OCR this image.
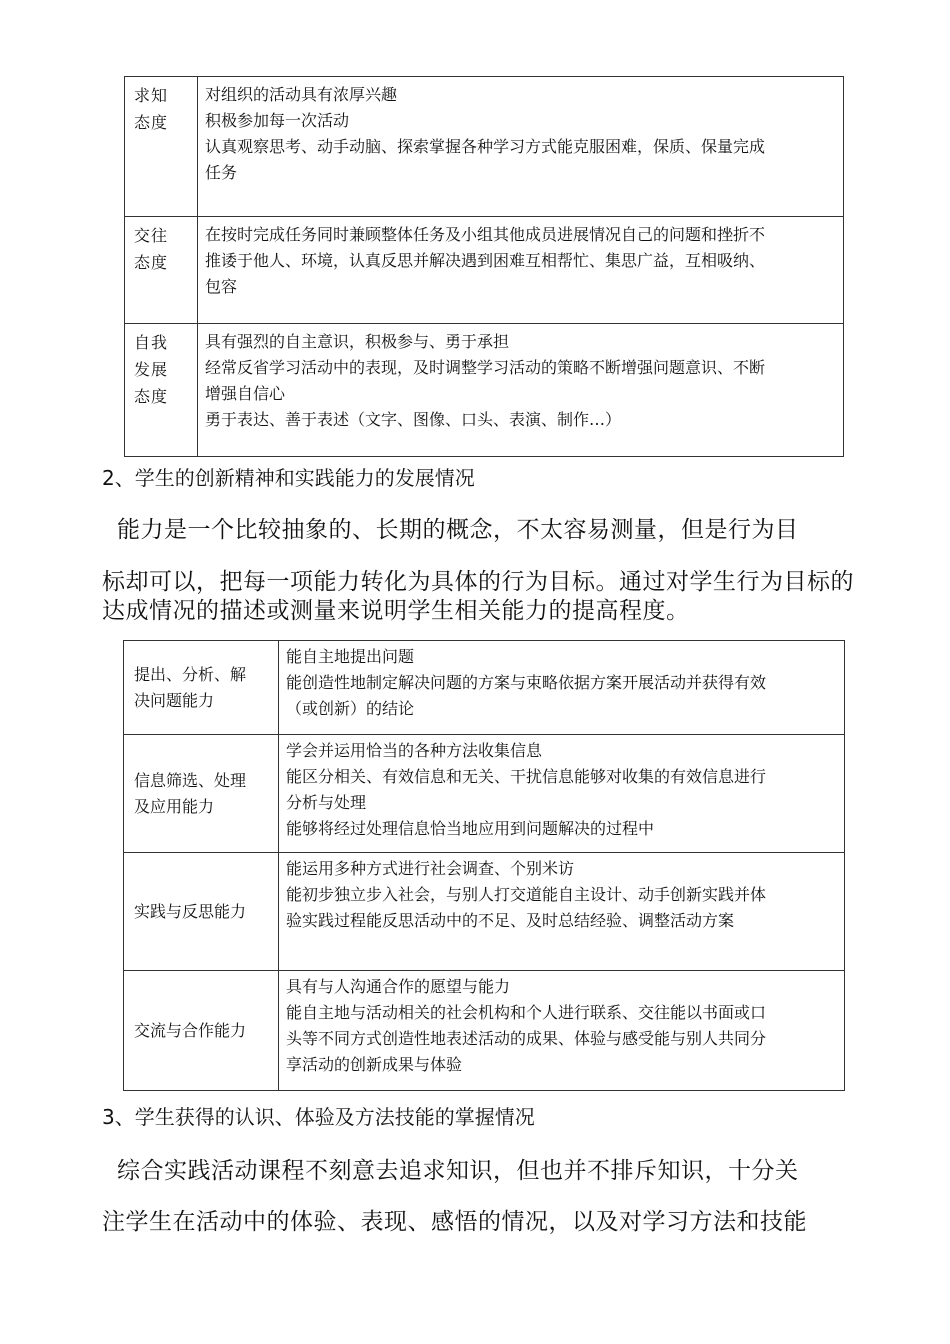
求知
态度	对组织的活动具有浓厚兴趣
积极参加每一次活动
认真观察思考、动手动脑、探索掌握各种学习方式能克服困难，保质、保量完成
任务

交往
态度	在按时完成任务同时兼顾整体任务及小组其他成员进展情况自己的问题和挫折不
推诿于他人、环境，认真反思并解决遇到困难互相帮忙、集思广益，互相吸纳、
包容

自我
发展
态度	具有强烈的自主意识，积极参与、勇于承担
经常反省学习活动中的表现，及时调整学习活动的策略不断增强问题意识、不断
增强自信心
勇于表达、善于表述（文字、图像、口头、表演、制作…）
2、学生的创新精神和实践能力的发展情况
能力是一个比较抽象的、长期的概念，不太容易测量，但是行为目
标却可以，把每一项能力转化为具体的行为目标。通过对学生行为目标的
达成情况的描述或测量来说明学生相关能力的提高程度。
提出、分析、解
决问题能力	能自主地提出问题
能创造性地制定解决问题的方案与束略依据方案开展活动并获得有效
（或创新）的结论

信息筛选、处理
及应用能力	学会并运用恰当的各种方法收集信息
能区分相关、有效信息和无关、干扰信息能够对收集的有效信息进行
分析与处理
能够将经过处理信息恰当地应用到问题解决的过程中

实践与反思能力	能运用多种方式进行社会调查、个别米访
能初步独立步入社会，与别人打交道能自主设计、动手创新实践并体
验实践过程能反思活动中的不足、及时总结经验、调整活动方案

交流与合作能力	具有与人沟通合作的愿望与能力
能自主地与活动相关的社会机构和个人进行联系、交往能以书面或口
头等不同方式创造性地表述活动的成果、体验与感受能与别人共同分
享活动的创新成果与体验
3、学生获得的认识、体验及方法技能的掌握情况
综合实践活动课程不刻意去追求知识，但也并不排斥知识，十分关
注学生在活动中的体验、表现、感悟的情况，以及对学习方法和技能
